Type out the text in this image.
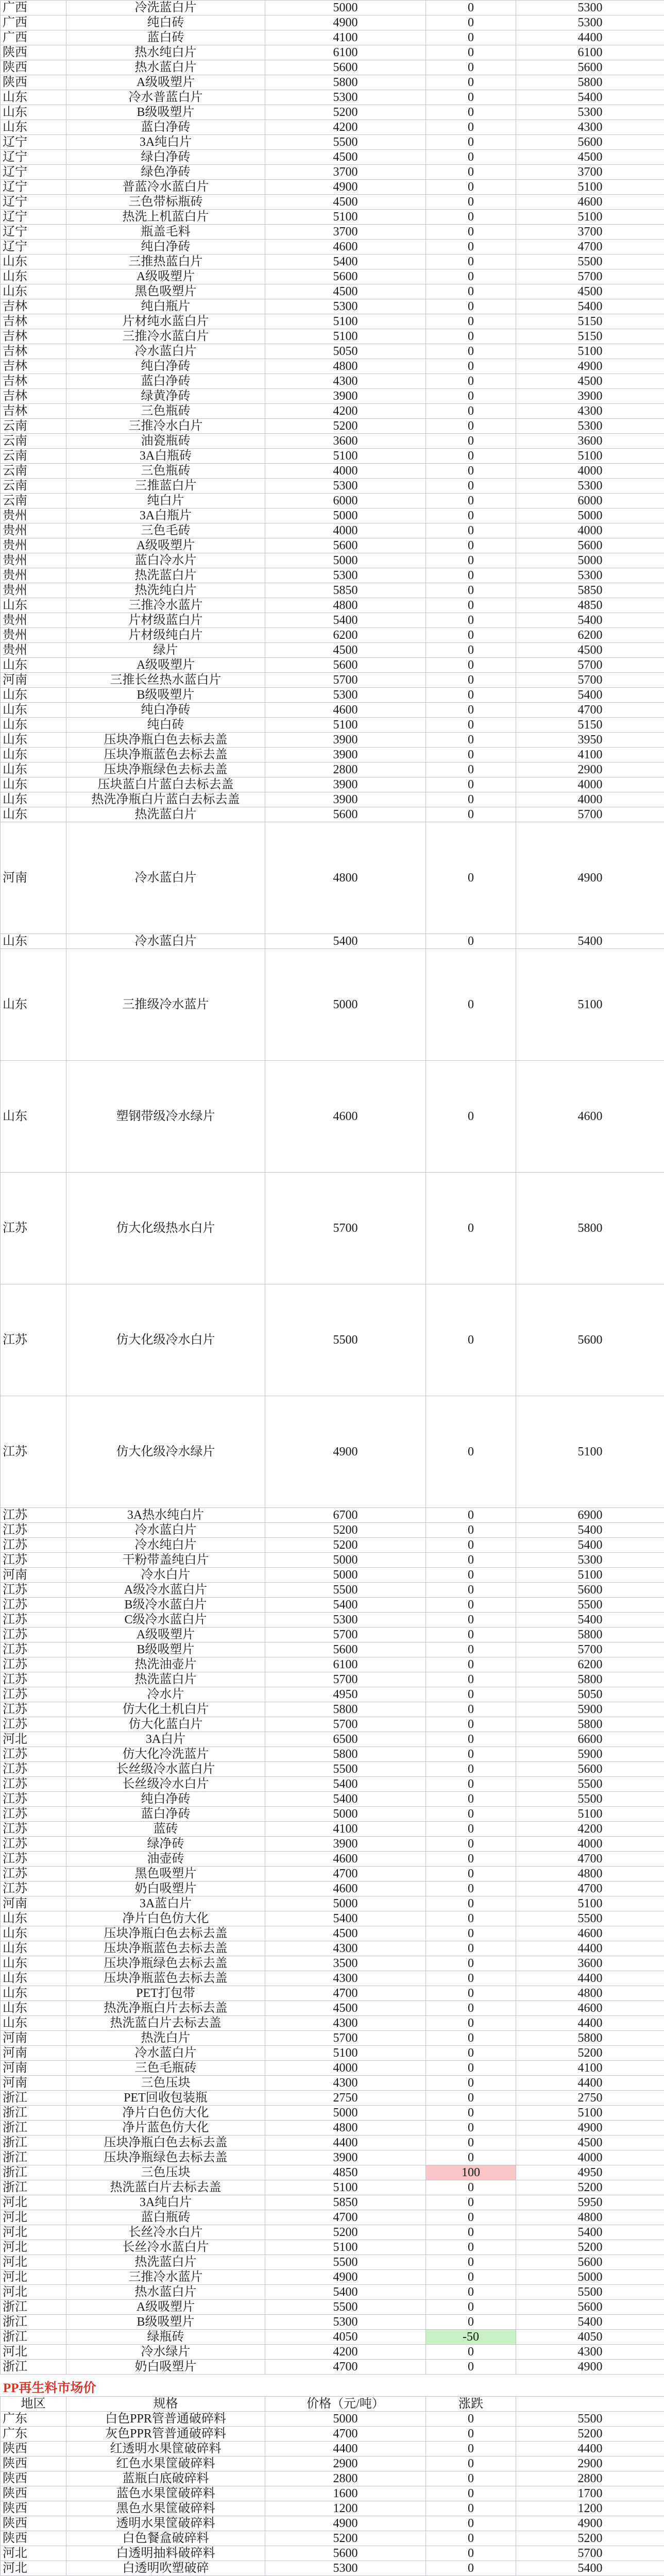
广西	冷洗蓝白片	5000	0	5300	
广西	纯白砖	4900	0	5300	
广西	蓝白砖	4100	0	4400	
陕西	热水纯白片	6100	0	6100	
陕西	热水蓝白片	5600	0	5600	
陕西	A级吸塑片	5800	0	5800	
山东	冷水普蓝白片	5300	0	5400	
山东	B级吸塑片	5200	0	5300	
山东	蓝白净砖	4200	0	4300	
辽宁	3A纯白片	5500	0	5600	
辽宁	绿白净砖	4500	0	4500	
辽宁	绿色净砖	3700	0	3700	
辽宁	普蓝冷水蓝白片	4900	0	5100	
辽宁	三色带标瓶砖	4500	0	4600	
辽宁	热洗上机蓝白片	5100	0	5100	
辽宁	瓶盖毛料	3700	0	3700	
辽宁	纯白净砖	4600	0	4700	
山东	三推热蓝白片	5400	0	5500	
山东	A级吸塑片	5600	0	5700	
山东	黑色吸塑片	4500	0	4500	
吉林	纯白瓶片	5300	0	5400	
吉林	片材纯水蓝白片	5100	0	5150	
吉林	三推冷水蓝白片	5100	0	5150	
吉林	冷水蓝白片	5050	0	5100	
吉林	纯白净砖	4800	0	4900	
吉林	蓝白净砖	4300	0	4500	
吉林	绿黄净砖	3900	0	3900	
吉林	三色瓶砖	4200	0	4300	
云南	三推冷水白片	5200	0	5300	
云南	油瓷瓶砖	3600	0	3600	
云南	3A白瓶砖	5100	0	5100	
云南	三色瓶砖	4000	0	4000	
云南	三推蓝白片	5300	0	5300	
云南	纯白片	6000	0	6000	
贵州	3A白瓶片	5000	0	5000	
贵州	三色毛砖	4000	0	4000	
贵州	A级吸塑片	5600	0	5600	
贵州	蓝白冷水片	5000	0	5000	
贵州	热洗蓝白片	5300	0	5300	
贵州	热洗纯白片	5850	0	5850	
山东	三推冷水蓝片	4800	0	4850	
贵州	片材级蓝白片	5400	0	5400	
贵州	片材级纯白片	6200	0	6200	
贵州	绿片	4500	0	4500	
山东	A级吸塑片	5600	0	5700	
河南	三推长丝热水蓝白片	5700	0	5700	
山东	B级吸塑片	5300	0	5400	
山东	纯白净砖	4600	0	4700	
山东	纯白砖	5100	0	5150	
山东	压块净瓶白色去标去盖	3900	0	3950	
山东	压块净瓶蓝色去标去盖	3900	0	4100	
山东	压块净瓶绿色去标去盖	2800	0	2900	
山东	压块蓝白片蓝白去标去盖	3900	0	4000	
山东	热洗净瓶白片蓝白去标去盖	3900	0	4000	
山东	热洗蓝白片	5600	0	5700	
河南	冷水蓝白片	4800	0	4900	
山东	冷水蓝白片	5400	0	5400	
山东	三推级冷水蓝片	5000	0	5100	
山东	塑钢带级冷水绿片	4600	0	4600	
江苏	仿大化级热水白片	5700	0	5800	
江苏	仿大化级冷水白片	5500	0	5600	
江苏	仿大化级冷水绿片	4900	0	5100	
江苏	3A热水纯白片	6700	0	6900	
江苏	冷水蓝白片	5200	0	5400	
江苏	冷水纯白片	5200	0	5400	
江苏	干粉带盖纯白片	5000	0	5300	
河南	冷水白片	5000	0	5100	
江苏	A级冷水蓝白片	5500	0	5600	
江苏	B级冷水蓝白片	5400	0	5500	
江苏	C级冷水蓝白片	5300	0	5400	
江苏	A级吸塑片	5700	0	5800	
江苏	B级吸塑片	5600	0	5700	
江苏	热洗油壶片	6100	0	6200	
江苏	热洗蓝白片	5700	0	5800	
江苏	冷水片	4950	0	5050	
江苏	仿大化土机白片	5800	0	5900	
江苏	仿大化蓝白片	5700	0	5800	
河北	3A白片	6500	0	6600	
江苏	仿大化冷洗蓝片	5800	0	5900	
江苏	长丝级冷水蓝白片	5500	0	5600	
江苏	长丝级冷水白片	5400	0	5500	
江苏	纯白净砖	5400	0	5500	
江苏	蓝白净砖	5000	0	5100	
江苏	蓝砖	4100	0	4200	
江苏	绿净砖	3900	0	4000	
江苏	油壶砖	4600	0	4700	
江苏	黑色吸塑片	4700	0	4800	
江苏	奶白吸塑片	4600	0	4700	
河南	3A蓝白片	5000	0	5100	
山东	净片白色仿大化	5400	0	5500	
山东	压块净瓶白色去标去盖	4500	0	4600	
山东	压块净瓶蓝色去标去盖	4300	0	4400	
山东	压块净瓶绿色去标去盖	3500	0	3600	
山东	压块净瓶蓝色去标去盖	4300	0	4400	
山东	PET打包带	4700	0	4800	
山东	热洗净瓶白片去标去盖	4500	0	4600	
山东	热洗蓝白片去标去盖	4300	0	4400	
河南	热洗白片	5700	0	5800	
河南	冷水蓝白片	5100	0	5200	
河南	三色毛瓶砖	4000	0	4100	
河南	三色压块	4300	0	4400	
浙江	PET回收包装瓶	2750	0	2750	
浙江	净片白色仿大化	5000	0	5100	
浙江	净片蓝色仿大化	4800	0	4900	
浙江	压块净瓶白色去标去盖	4400	0	4500	
浙江	压块净瓶绿色去标去盖	3900	0	4000	
浙江	三色压块	4850	100	4950	
浙江	热洗蓝白片去标去盖	5100	0	5200	
河北	3A纯白片	5850	0	5950	
河北	蓝白瓶砖	4700	0	4800	
河北	长丝冷水白片	5200	0	5400	
河北	长丝冷水蓝白片	5100	0	5200	
河北	热洗蓝白片	5500	0	5600	
河北	三推冷水蓝片	4900	0	5000	
河北	热水蓝白片	5400	0	5500	
浙江	A级吸塑片	5500	0	5600	
浙江	B级吸塑片	5300	0	5400	
浙江	绿瓶砖	4050	-50	4050	
河北	冷水绿片	4200	0	4300	
浙江	奶白吸塑片	4700	0	4900	
PP再生料市场价
地区	规格	价格（元/吨）	涨跌		
广东	白色PPR管普通破碎料	5000	0	5500	
广东	灰色PPR管普通破碎料	4700	0	5200	
陕西	红透明水果筐破碎料	4400	0	4400	
陕西	红色水果筐破碎料	2900	0	2900	
陕西	蓝瓶白底破碎料	2800	0	2800	
陕西	蓝色水果筐破碎料	1600	0	1700	
陕西	黑色水果筐破碎料	1200	0	1200	
陕西	透明水果筐破碎料	4900	0	4900	
陕西	白色餐盒破碎料	5200	0	5200	
河北	白透明抽料破碎料	5600	0	5700	
河北	白透明吹塑破碎	5300	0	5400	
